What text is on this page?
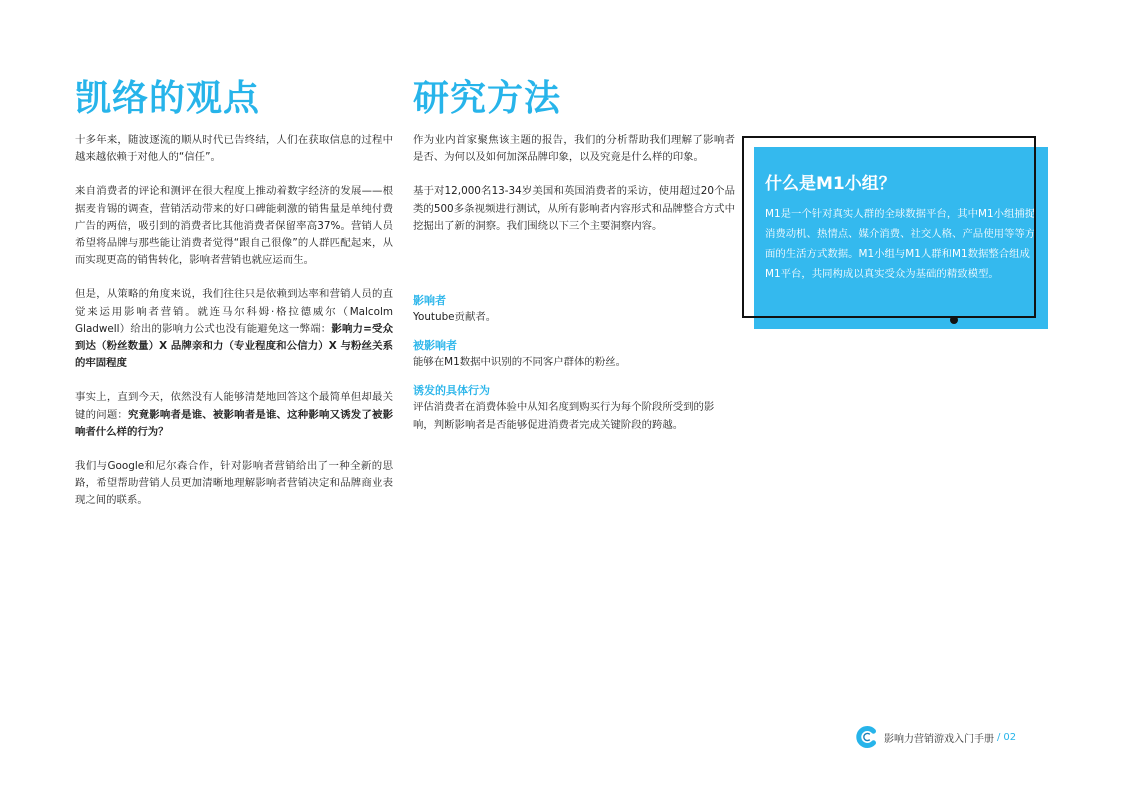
凯络的观点

十多年来，随波逐流的顺从时代已告终结，人们在获取信息的过程中越来越依赖于对他人的“信任”。

来自消费者的评论和测评在很大程度上推动着数字经济的发展——根据麦肯锡的调查，营销活动带来的好口碑能刺激的销售量是单纯付费广告的两倍，吸引到的消费者比其他消费者保留率高37%。营销人员希望将品牌与那些能让消费者觉得“跟自己很像”的人群匹配起来，从而实现更高的销售转化，影响者营销也就应运而生。

但是，从策略的角度来说，我们往往只是依赖到达率和营销人员的直觉来运用影响者营销。就连马尔科姆·格拉德威尔（Malcolm Gladwell）给出的影响力公式也没有能避免这一弊端：影响力=受众到达（粉丝数量）X 品牌亲和力（专业程度和公信力）X 与粉丝关系的牢固程度

事实上，直到今天，依然没有人能够清楚地回答这个最简单但却最关键的问题：究竟影响者是谁、被影响者是谁、这种影响又诱发了被影响者什么样的行为？

我们与Google和尼尔森合作，针对影响者营销给出了一种全新的思路，希望帮助营销人员更加清晰地理解影响者营销决定和品牌商业表现之间的联系。

研究方法

作为业内首家聚焦该主题的报告，我们的分析帮助我们理解了影响者是否、为何以及如何加深品牌印象，以及究竟是什么样的印象。

基于对12,000名13-34岁美国和英国消费者的采访，使用超过20个品类的500多条视频进行测试，从所有影响者内容形式和品牌整合方式中挖掘出了新的洞察。我们围绕以下三个主要洞察内容。

影响者

Youtube贡献者。

被影响者

能够在M1数据中识别的不同客户群体的粉丝。

诱发的具体行为

评估消费者在消费体验中从知名度到购买行为每个阶段所受到的影响，判断影响者是否能够促进消费者完成关键阶段的跨越。

什么是M1小组？

M1是一个针对真实人群的全球数据平台，其中M1小组捕捉消费动机、热情点、媒介消费、社交人格、产品使用等等方面的生活方式数据。M1小组与M1人群和M1数据整合组成M1平台，共同构成以真实受众为基础的精致模型。

影响力营销游戏入门手册 / 02
